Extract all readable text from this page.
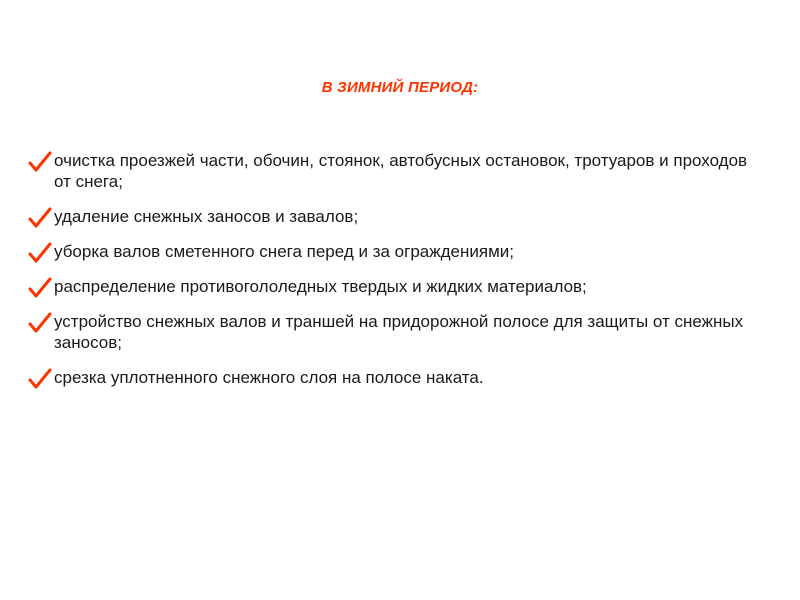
В ЗИМНИЙ ПЕРИОД:
очистка проезжей части, обочин, стоянок, автобусных остановок, тротуаров и проходов от снега;
удаление снежных заносов и завалов;
уборка валов сметенного снега перед и за ограждениями;
распределение противогололедных твердых и жидких материалов;
устройство снежных валов и траншей на придорожной полосе для защиты от снежных заносов;
срезка уплотненного снежного слоя на полосе наката.
